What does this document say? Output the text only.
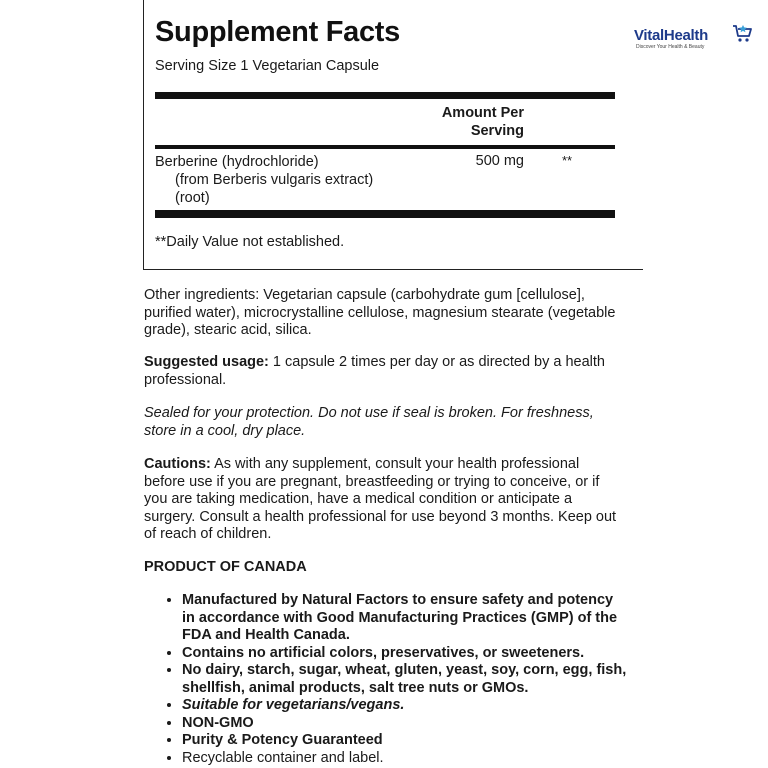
Supplement Facts
Serving Size 1 Vegetarian Capsule
Amount Per
Serving
Berberine (hydrochloride)
(from Berberis vulgaris extract)
(root)
500 mg	**
**Daily Value not established.
VitalHealth
Discover Your Health & Beauty
Other ingredients: Vegetarian capsule (carbohydrate gum [cellulose], purified water), microcrystalline cellulose, magnesium stearate (vegetable grade), stearic acid, silica.
Suggested usage: 1 capsule 2 times per day or as directed by a health professional.
Sealed for your protection. Do not use if seal is broken. For freshness, store in a cool, dry place.
Cautions: As with any supplement, consult your health professional before use if you are pregnant, breastfeeding or trying to conceive, or if you are taking medication, have a medical condition or anticipate a surgery. Consult a health professional for use beyond 3 months. Keep out of reach of children.
PRODUCT OF CANADA
• Manufactured by Natural Factors to ensure safety and potency in accordance with Good Manufacturing Practices (GMP) of the FDA and Health Canada.
• Contains no artificial colors, preservatives, or sweeteners.
• No dairy, starch, sugar, wheat, gluten, yeast, soy, corn, egg, fish, shellfish, animal products, salt tree nuts or GMOs.
• Suitable for vegetarians/vegans.
• NON-GMO
• Purity & Potency Guaranteed
• Recyclable container and label.
